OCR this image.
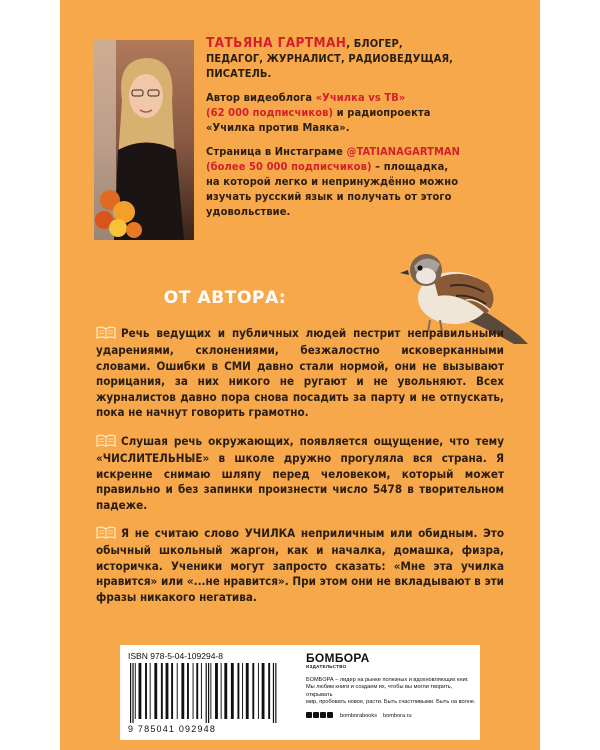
ТАТЬЯНА ГАРТМАН, БЛОГЕР,
ПЕДАГОГ, ЖУРНАЛИСТ, РАДИОВЕДУЩАЯ,
ПИСАТЕЛЬ.

Автор видеоблога «Училка vs ТВ»
(62 000 подписчиков) и радиопроекта
«Училка против Маяка».

Страница в Инстаграме @TATIANAGARTMAN
(более 50 000 подписчиков) – площадка,
на которой легко и непринуждённо можно
изучать русский язык и получать от этого
удовольствие.

ОТ АВТОРА:
Речь ведущих и публичных людей пестрит неправильными ударениями, склонениями, безжалостно исковерканными словами. Ошибки в СМИ давно стали нормой, они не вызывают порицания, за них никого не ругают и не увольняют. Всех журналистов давно пора снова посадить за парту и не отпускать, пока не начнут говорить грамотно.
Слушая речь окружающих, появляется ощущение, что тему «ЧИСЛИТЕЛЬНЫЕ» в школе дружно прогуляла вся страна. Я искренне снимаю шляпу перед человеком, который может правильно и без запинки произнести число 5478 в творительном падеже.
Я не считаю слово УЧИЛКА неприличным или обидным. Это обычный школьный жаргон, как и началка, домашка, физра, историчка. Ученики могут запросто сказать: «Мне эта училка нравится» или «...не нравится». При этом они не вкладывают в эти фразы никакого негатива.
ISBN 978-5-04-109294-8
9 785041 092948
БОМБОРА
ИЗДАТЕЛЬСТВО
БОМБОРА – лидер на рынке полезных и вдохновляющих книг.
Мы любим книги и создаем их, чтобы вы могли творить, открывать
мир, пробовать новое, расти. Быть счастливыми. Быть на волне.
bomborabooks bombora.ru
